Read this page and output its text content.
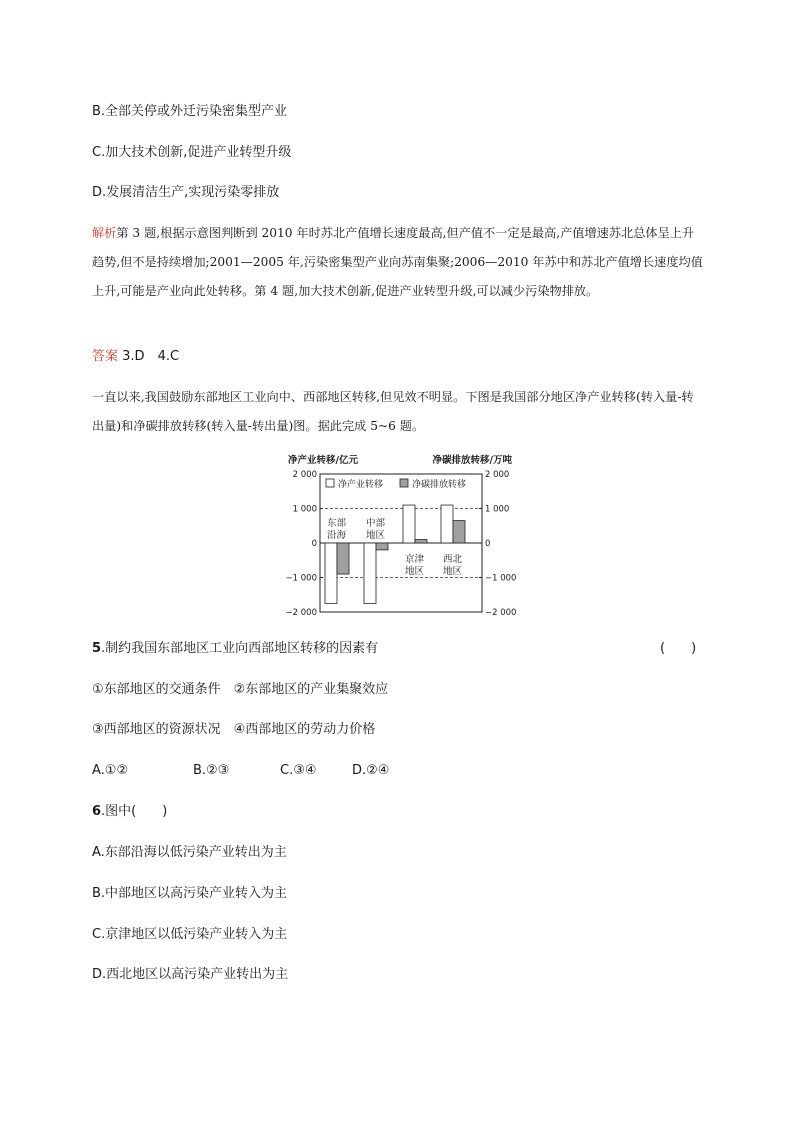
B.全部关停或外迁污染密集型产业
C.加大技术创新,促进产业转型升级
D.发展清洁生产,实现污染零排放
解析第 3 题,根据示意图判断到 2010 年时苏北产值增长速度最高,但产值不一定是最高,产值增速苏北总体呈上升趋势,但不是持续增加;2001—2005 年,污染密集型产业向苏南集聚;2006—2010 年苏中和苏北产值增长速度均值上升,可能是产业向此处转移。第 4 题,加大技术创新,促进产业转型升级,可以减少污染物排放。
答案 3.D　4.C
一直以来,我国鼓励东部地区工业向中、西部地区转移,但见效不明显。下图是我国部分地区净产业转移(转入量-转出量)和净碳排放转移(转入量-转出量)图。据此完成 5~6 题。
净产业转移/亿元	净碳排放转移/万吨
2 000	2 000
1 000	1 000
0	0
−1 000	−1 000
−2 000	−2 000
净产业转移	净碳排放转移
东部
沿海
中部
地区
京津
地区
西北
地区
5.制约我国东部地区工业向西部地区转移的因素有	(　　)
①东部地区的交通条件　②东部地区的产业集聚效应
③西部地区的资源状况　④西部地区的劳动力价格
A.①②	B.②③	C.③④	D.②④
6.图中(　　)
A.东部沿海以低污染产业转出为主
B.中部地区以高污染产业转入为主
C.京津地区以低污染产业转入为主
D.西北地区以高污染产业转出为主
